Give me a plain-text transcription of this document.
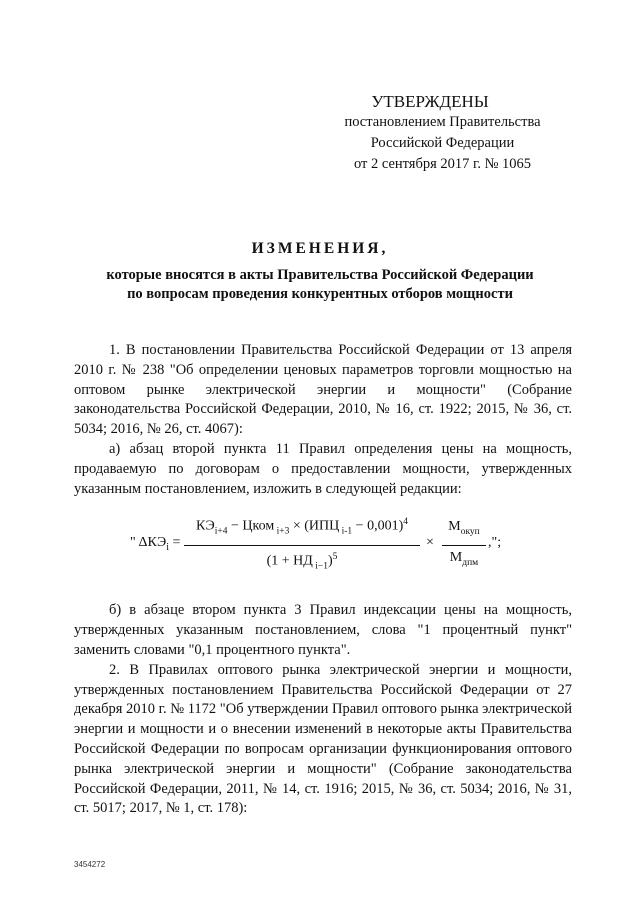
УТВЕРЖДЕНЫ
постановлением Правительства
Российской Федерации
от 2 сентября 2017 г. № 1065
ИЗМЕНЕНИЯ,
которые вносятся в акты Правительства Российской Федерации
по вопросам проведения конкурентных отборов мощности

1. В постановлении Правительства Российской Федерации от 13 апреля 2010 г. № 238 "Об определении ценовых параметров торговли мощностью на оптовом рынке электрической энергии и мощности" (Собрание законодательства Российской Федерации, 2010, № 16, ст. 1922; 2015, № 36, ст. 5034; 2016, № 26, ст. 4067):

а) абзац второй пункта 11 Правил определения цены на мощность, продаваемую по договорам о предоставлении мощности, утвержденных указанным постановлением, изложить в следующей редакции:

" $\Delta КЭ_i$ =
$КЭ_{i+4}$ − Цком $_{i+3}$ × (ИПЦ $_{i-1}$ − 0,001)$^4$
(1 + НД $_{i-1}$)$^5$
×
$М_{окуп}$
$М_{дпм}$
,";

б) в абзаце втором пункта 3 Правил индексации цены на мощность, утвержденных указанным постановлением, слова "1 процентный пункт" заменить словами "0,1 процентного пункта".

2. В Правилах оптового рынка электрической энергии и мощности, утвержденных постановлением Правительства Российской Федерации от 27 декабря 2010 г. № 1172 "Об утверждении Правил оптового рынка электрической энергии и мощности и о внесении изменений в некоторые акты Правительства Российской Федерации по вопросам организации функционирования оптового рынка электрической энергии и мощности" (Собрание законодательства Российской Федерации, 2011, № 14, ст. 1916; 2015, № 36, ст. 5034; 2016, № 31, ст. 5017; 2017, № 1, ст. 178):

3454272
